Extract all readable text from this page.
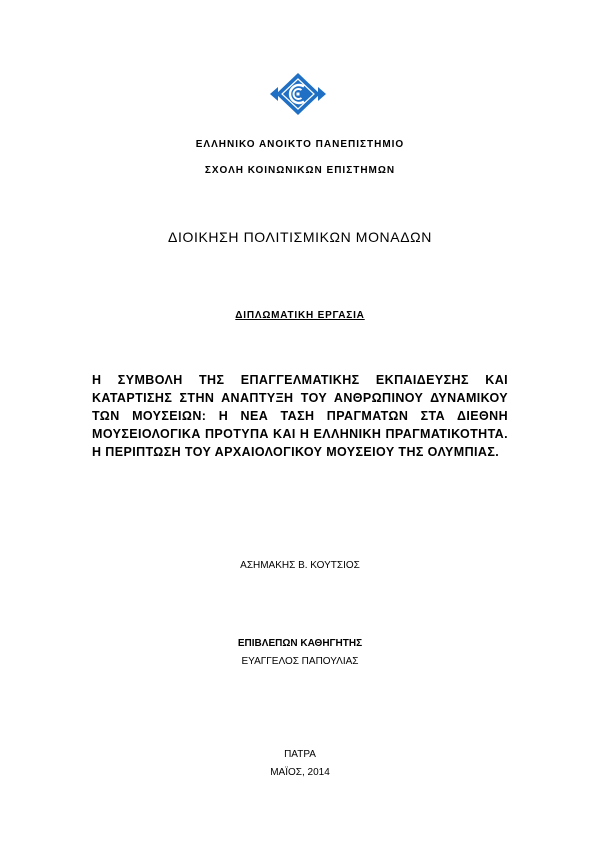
ΕΛΛΗΝΙΚΟ ΑΝΟΙΚΤΟ ΠΑΝΕΠΙΣΤΗΜΙΟ
ΣΧΟΛΗ ΚΟΙΝΩΝΙΚΩΝ ΕΠΙΣΤΗΜΩΝ
ΔΙΟΙΚΗΣΗ ΠΟΛΙΤΙΣΜΙΚΩΝ ΜΟΝΑΔΩΝ
ΔΙΠΛΩΜΑΤΙΚΗ ΕΡΓΑΣΙΑ
Η ΣΥΜΒΟΛΗ ΤΗΣ ΕΠΑΓΓΕΛΜΑΤΙΚΗΣ ΕΚΠΑΙΔΕΥΣΗΣ ΚΑΙ ΚΑΤΑΡΤΙΣΗΣ ΣΤΗΝ ΑΝΑΠΤΥΞΗ ΤΟΥ ΑΝΘΡΩΠΙΝΟΥ ΔΥΝΑΜΙΚΟΥ ΤΩΝ ΜΟΥΣΕΙΩΝ: Η ΝΕΑ ΤΑΣΗ ΠΡΑΓΜΑΤΩΝ ΣΤΑ ΔΙΕΘΝΗ ΜΟΥΣΕΙΟΛΟΓΙΚΑ ΠΡΟΤΥΠΑ ΚΑΙ Η ΕΛΛΗΝΙΚΗ ΠΡΑΓΜΑΤΙΚΟΤΗΤΑ. Η ΠΕΡΙΠΤΩΣΗ ΤΟΥ ΑΡΧΑΙΟΛΟΓΙΚΟΥ ΜΟΥΣΕΙΟΥ ΤΗΣ ΟΛΥΜΠΙΑΣ.
ΑΣΗΜΑΚΗΣ Β. ΚΟΥΤΣΙΟΣ
ΕΠΙΒΛΕΠΩΝ ΚΑΘΗΓΗΤΗΣ
ΕΥΑΓΓΕΛΟΣ ΠΑΠΟΥΛΙΑΣ
ΠΑΤΡΑ
ΜΑΪΟΣ, 2014
